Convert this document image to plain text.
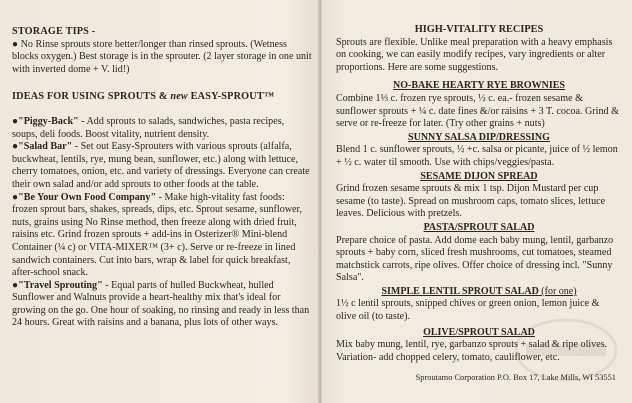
STORAGE TIPS -

● No Rinse sprouts store better/longer than rinsed sprouts. (Wetness blocks oxygen.) Best storage is in the sprouter. (2 layer storage in one unit with inverted dome + V. lid!)

IDEAS FOR USING SPROUTS & new EASY-SPROUT™

●"Piggy-Back" - Add sprouts to salads, sandwiches, pasta recipes, soups, deli foods. Boost vitality, nutrient density.

●"Salad Bar" - Set out Easy-Sprouters with various sprouts (alfalfa, buckwheat, lentils, rye, mung bean, sunflower, etc.) along with lettuce, cherry tomatoes, onion, etc. and variety of dressings. Everyone can create their own salad and/or add sprouts to other foods at the table.

●"Be Your Own Food Company" - Make high-vitality fast foods: frozen sprout bars, shakes, spreads, dips, etc. Sprout sesame, sunflower, nuts, grains using No Rinse method, then freeze along with dried fruit, raisins etc. Grind frozen sprouts + add-ins in Osterizer® Mini-blend Container (¼ c) or VITA-MIXER™ (3+ c). Serve or re-freeze in lined sandwich containers. Cut into bars, wrap & label for quick breakfast, after-school snack.

●"Travel Sprouting" - Equal parts of hulled Buckwheat, hulled Sunflower and Walnuts provide a heart-healthy mix that's ideal for growing on the go. One hour of soaking, no rinsing and ready in less than 24 hours. Great with raisins and a banana, plus lots of other ways.

HIGH-VITALITY RECIPES

Sprouts are flexible. Unlike meal preparation with a heavy emphasis on cooking, we can easily modify recipes, vary ingredients or alter proportions. Here are some suggestions.

NO-BAKE HEARTY RYE BROWNIES

Combine 1⅓ c. frozen rye sprouts, ½ c. ea.- frozen sesame & sunflower sprouts + ¼ c. date fines &/or raisins + 3 T. cocoa. Grind & serve or re-freeze for later. (Try other grains + nuts)

SUNNY SALSA DIP/DRESSING

Blend 1 c. sunflower sprouts, ½ +c. salsa or picante, juice of ½ lemon + ½ c. water til smooth. Use with chips/veggies/pasta.

SESAME DIJON SPREAD

Grind frozen sesame sprouts & mix 1 tsp. Dijon Mustard per cup sesame (to taste). Spread on mushroom caps, tomato slices, lettuce leaves. Delicious with pretzels.

PASTA/SPROUT SALAD

Prepare choice of pasta. Add dome each baby mung, lentil, garbanzo sprouts + baby corn, sliced fresh mushrooms, cut tomatoes, steamed matchstick carrots, ripe olives. Offer choice of dressing incl. "Sunny Salsa".

SIMPLE LENTIL SPROUT SALAD (for one)

1½ c lentil sprouts, snipped chives or green onion, lemon juice & olive oil (to taste).

OLIVE/SPROUT SALAD

Mix baby mung, lentil, rye, garbanzo sprouts + salad & ripe olives. Variation- add chopped celery, tomato, cauliflower, etc.

Sproutamo Corporation P.O. Box 17, Lake Mills, WI 53551
